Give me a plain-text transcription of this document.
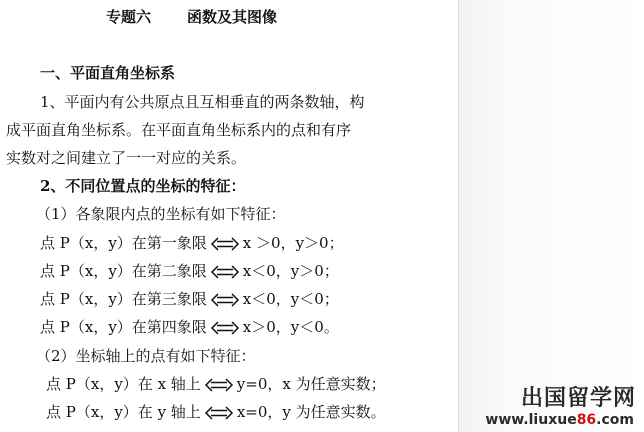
专题六 函数及其图像
一、平面直角坐标系
1、平面内有公共原点且互相垂直的两条数轴，构
成平面直角坐标系。在平面直角坐标系内的点和有序
实数对之间建立了一一对应的关系。
2、不同位置点的坐标的特征：
（1）各象限内点的坐标有如下特征：
点 P（x，y）在第一象限 x ＞0，y＞0；
点 P（x，y）在第二象限 x＜0，y＞0；
点 P（x，y）在第三象限 x＜0，y＜0；
点 P（x，y）在第四象限 x＞0，y＜0。
（2）坐标轴上的点有如下特征：
点 P（x，y）在 x 轴上 y=0，x 为任意实数；
点 P（x，y）在 y 轴上 x=0，y 为任意实数。
出国留学网
www.liuxue86.com
